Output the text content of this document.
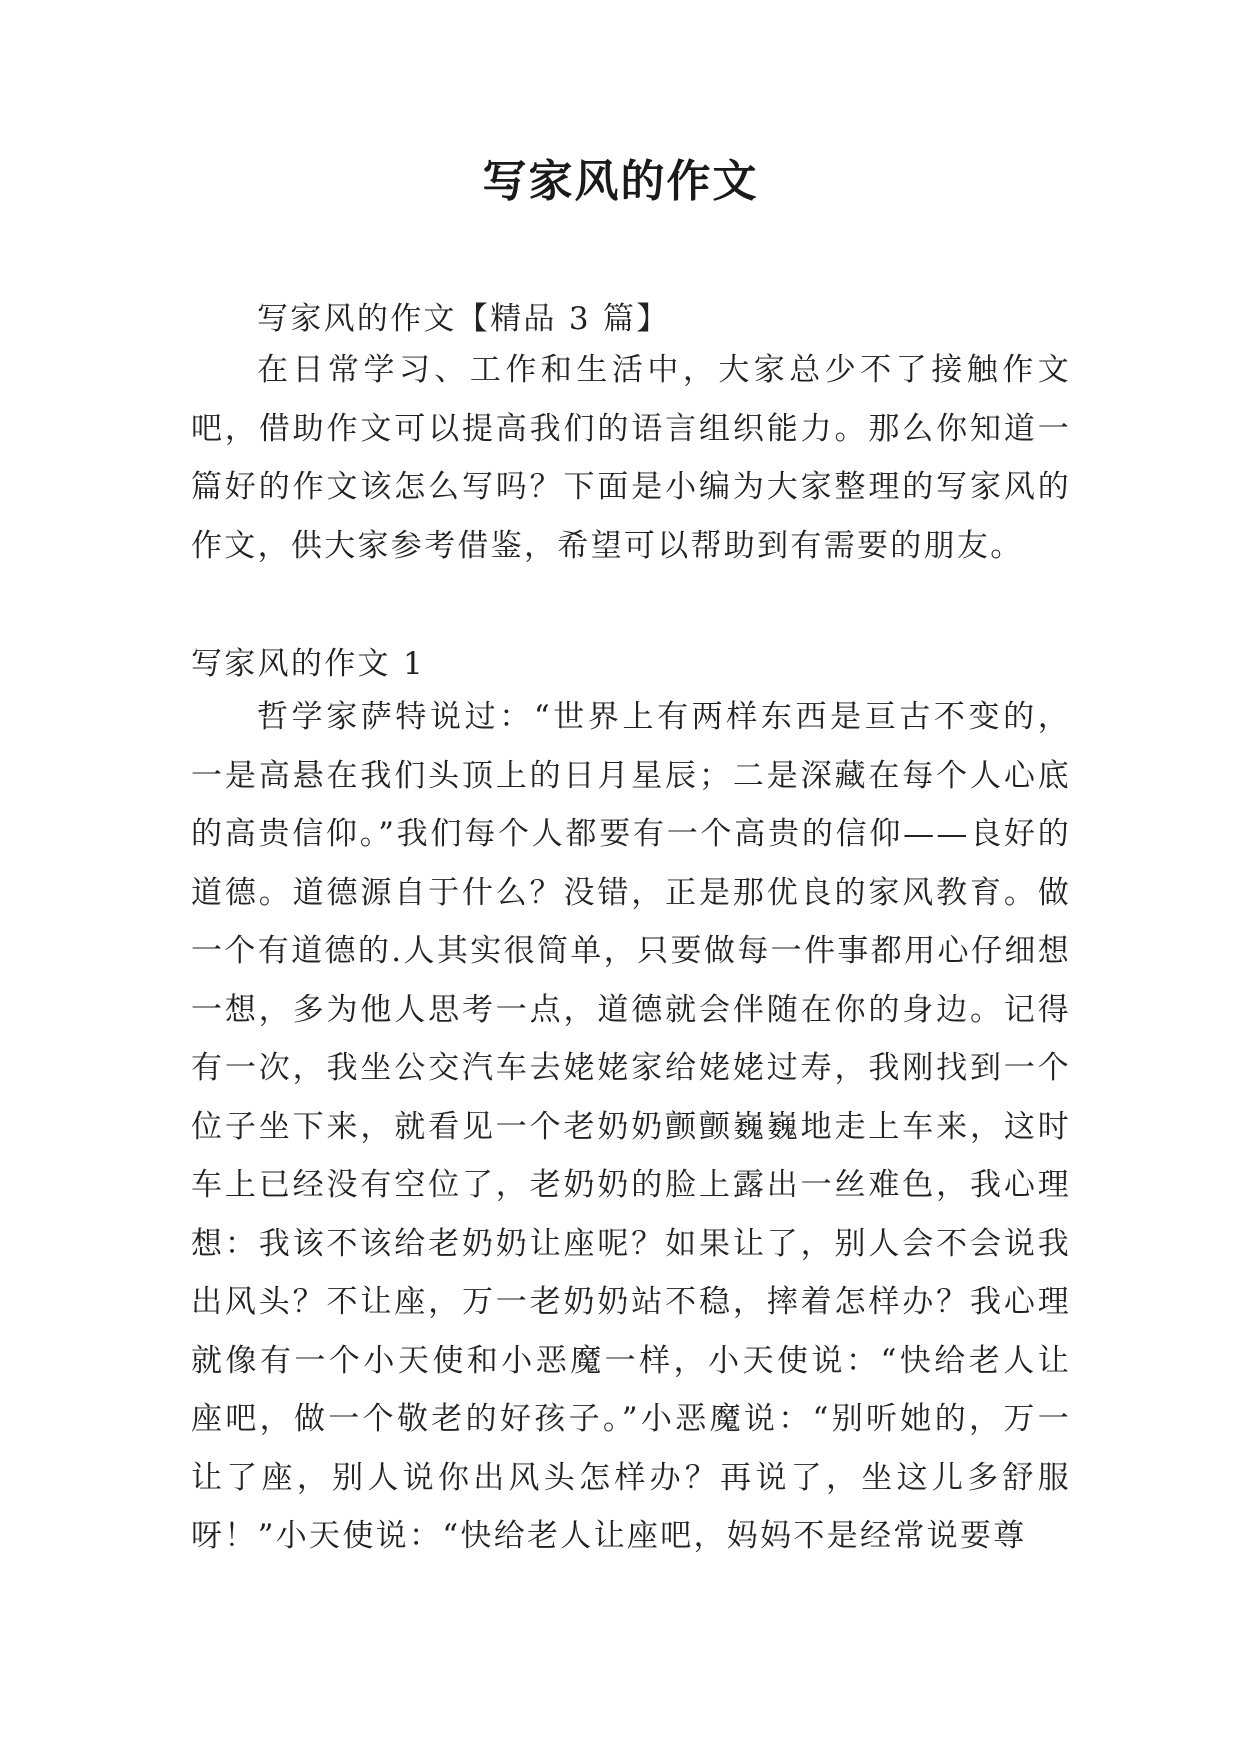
写家风的作文

写家风的作文【精品 3 篇】

在日常学习、工作和生活中，大家总少不了接触作文吧，借助作文可以提高我们的语言组织能力。那么你知道一篇好的作文该怎么写吗？下面是小编为大家整理的写家风的作文，供大家参考借鉴，希望可以帮助到有需要的朋友。

写家风的作文 1

哲学家萨特说过：“世界上有两样东西是亘古不变的，一是高悬在我们头顶上的日月星辰；二是深藏在每个人心底的高贵信仰。”我们每个人都要有一个高贵的信仰——良好的道德。道德源自于什么？没错，正是那优良的家风教育。做一个有道德的.人其实很简单，只要做每一件事都用心仔细想一想，多为他人思考一点，道德就会伴随在你的身边。记得有一次，我坐公交汽车去姥姥家给姥姥过寿，我刚找到一个位子坐下来，就看见一个老奶奶颤颤巍巍地走上车来，这时车上已经没有空位了，老奶奶的脸上露出一丝难色，我心理想：我该不该给老奶奶让座呢？如果让了，别人会不会说我出风头？不让座，万一老奶奶站不稳，摔着怎样办？我心理就像有一个小天使和小恶魔一样，小天使说：“快给老人让座吧，做一个敬老的好孩子。”小恶魔说：“别听她的，万一让了座，别人说你出风头怎样办？再说了，坐这儿多舒服呀！”小天使说：“快给老人让座吧，妈妈不是经常说要尊
